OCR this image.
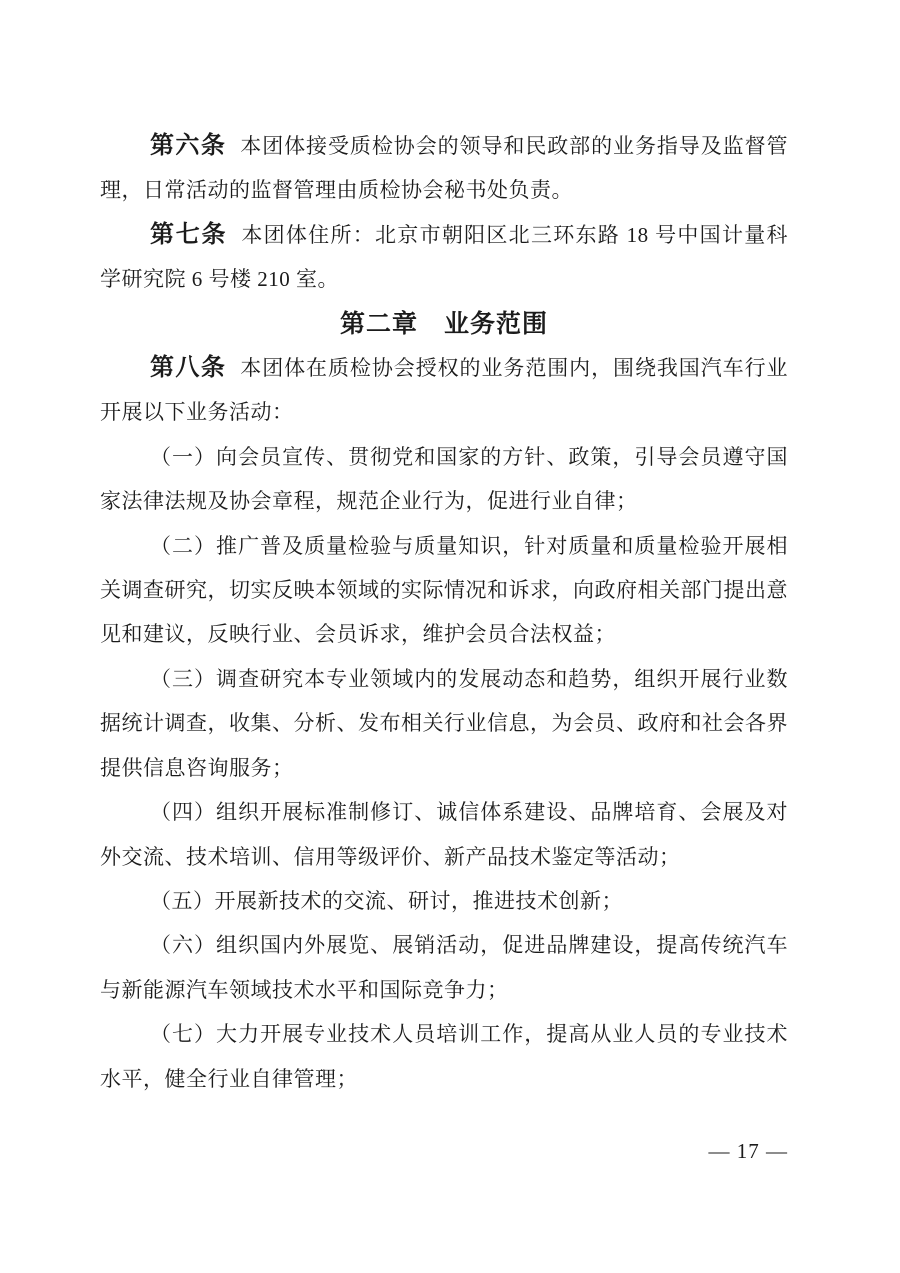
第六条 本团体接受质检协会的领导和民政部的业务指导及监督管理，日常活动的监督管理由质检协会秘书处负责。

第七条 本团体住所：北京市朝阳区北三环东路 18 号中国计量科学研究院 6 号楼 210 室。

第二章　业务范围

第八条 本团体在质检协会授权的业务范围内，围绕我国汽车行业开展以下业务活动：

（一）向会员宣传、贯彻党和国家的方针、政策，引导会员遵守国家法律法规及协会章程，规范企业行为，促进行业自律；

（二）推广普及质量检验与质量知识，针对质量和质量检验开展相关调查研究，切实反映本领域的实际情况和诉求，向政府相关部门提出意见和建议，反映行业、会员诉求，维护会员合法权益；

（三）调查研究本专业领域内的发展动态和趋势，组织开展行业数据统计调查，收集、分析、发布相关行业信息，为会员、政府和社会各界提供信息咨询服务；

（四）组织开展标准制修订、诚信体系建设、品牌培育、会展及对外交流、技术培训、信用等级评价、新产品技术鉴定等活动；

（五）开展新技术的交流、研讨，推进技术创新；

（六）组织国内外展览、展销活动，促进品牌建设，提高传统汽车与新能源汽车领域技术水平和国际竞争力；

（七）大力开展专业技术人员培训工作，提高从业人员的专业技术水平，健全行业自律管理；

— 17 —
